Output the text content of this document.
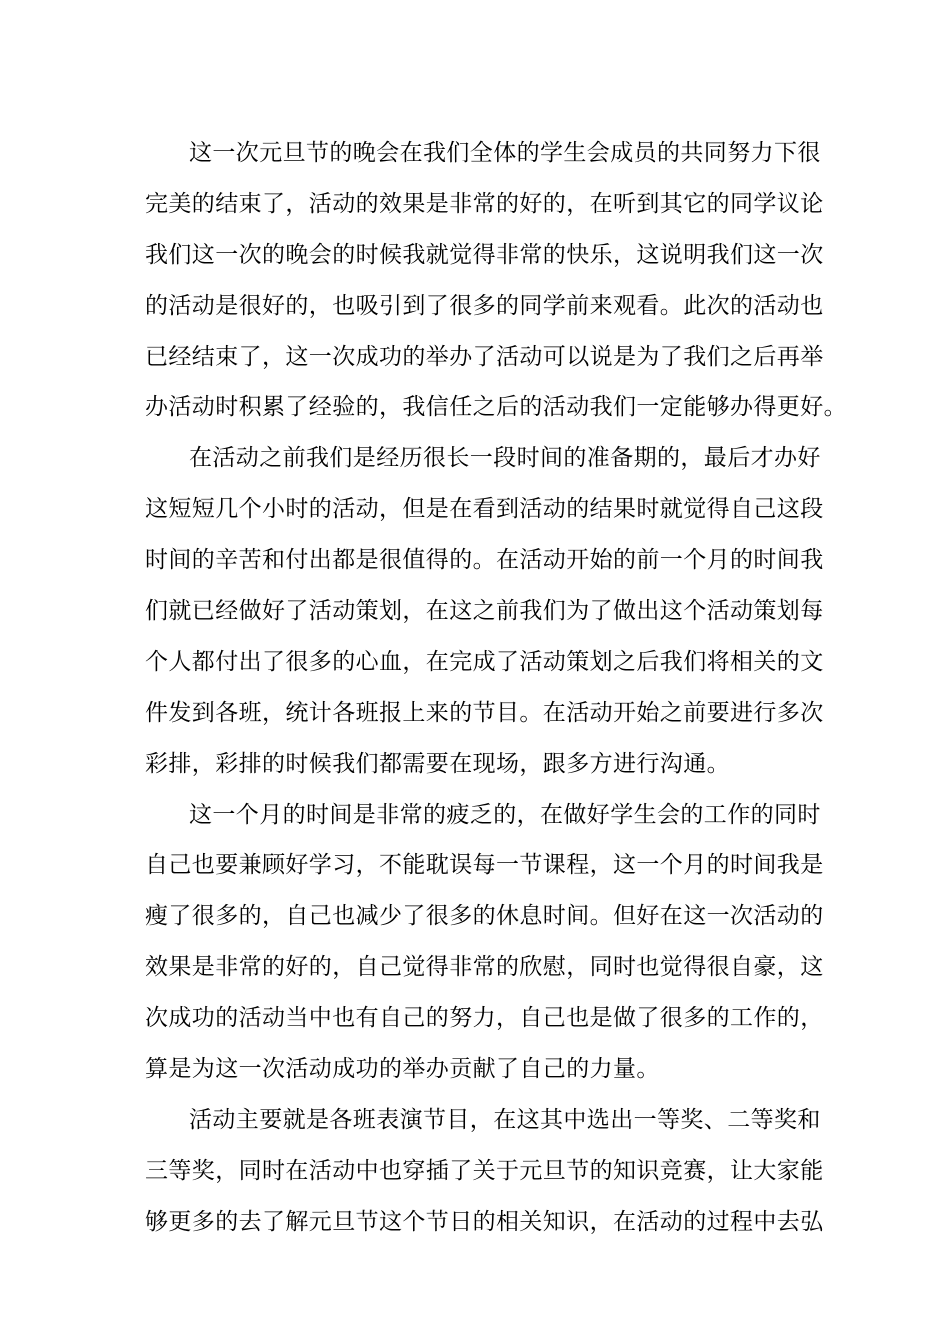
这一次元旦节的晚会在我们全体的学生会成员的共同努力下很
完美的结束了，活动的效果是非常的好的，在听到其它的同学议论
我们这一次的晚会的时候我就觉得非常的快乐，这说明我们这一次
的活动是很好的，也吸引到了很多的同学前来观看。此次的活动也
已经结束了，这一次成功的举办了活动可以说是为了我们之后再举
办活动时积累了经验的，我信任之后的活动我们一定能够办得更好。
在活动之前我们是经历很长一段时间的准备期的，最后才办好
这短短几个小时的活动，但是在看到活动的结果时就觉得自己这段
时间的辛苦和付出都是很值得的。在活动开始的前一个月的时间我
们就已经做好了活动策划，在这之前我们为了做出这个活动策划每
个人都付出了很多的心血，在完成了活动策划之后我们将相关的文
件发到各班，统计各班报上来的节目。在活动开始之前要进行多次
彩排，彩排的时候我们都需要在现场，跟多方进行沟通。
这一个月的时间是非常的疲乏的，在做好学生会的工作的同时
自己也要兼顾好学习，不能耽误每一节课程，这一个月的时间我是
瘦了很多的，自己也减少了很多的休息时间。但好在这一次活动的
效果是非常的好的，自己觉得非常的欣慰，同时也觉得很自豪，这
次成功的活动当中也有自己的努力，自己也是做了很多的工作的，
算是为这一次活动成功的举办贡献了自己的力量。
活动主要就是各班表演节目，在这其中选出一等奖、二等奖和
三等奖，同时在活动中也穿插了关于元旦节的知识竞赛，让大家能
够更多的去了解元旦节这个节日的相关知识，在活动的过程中去弘
